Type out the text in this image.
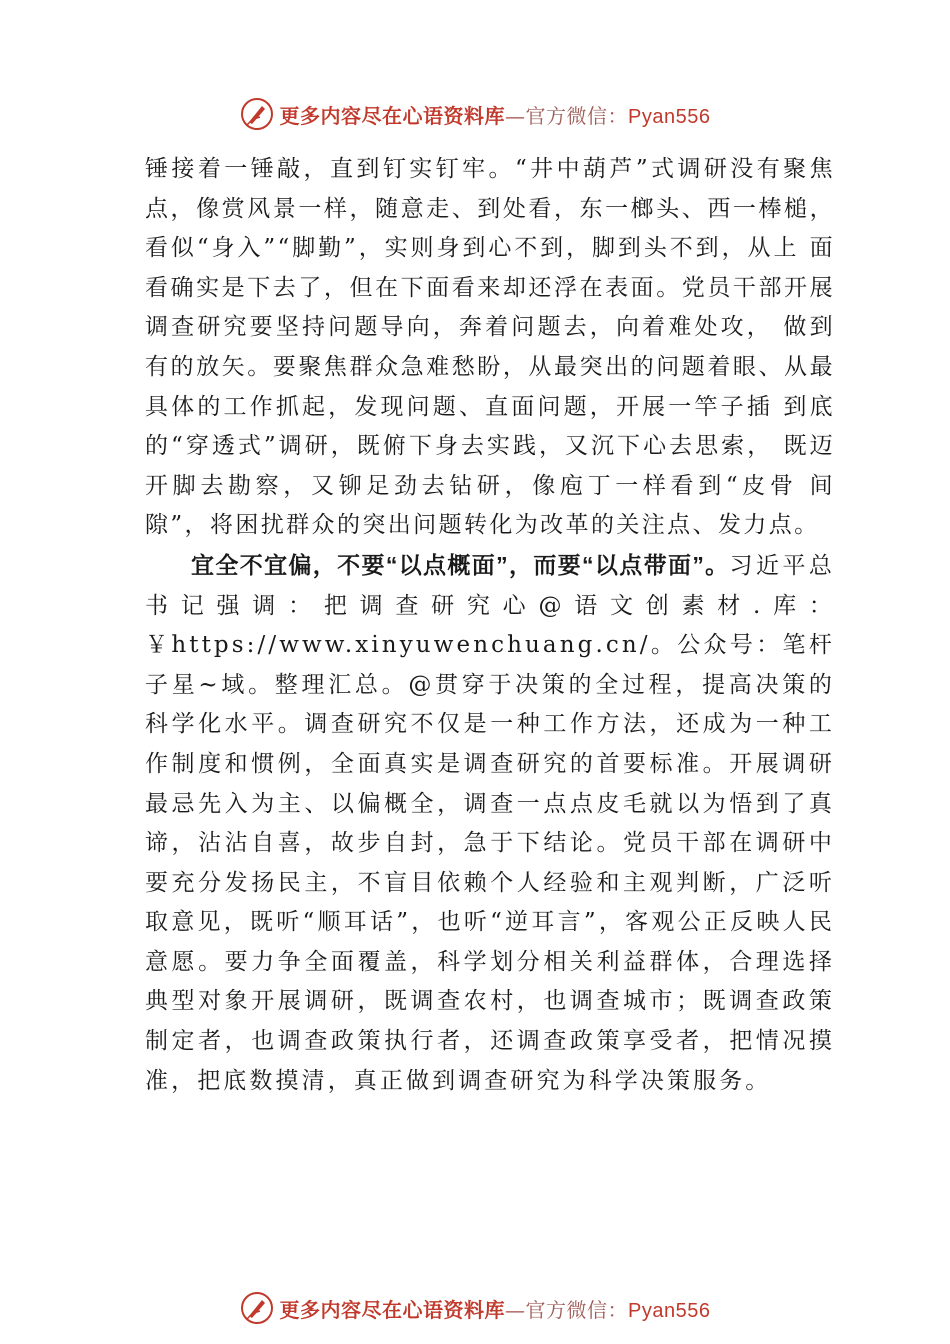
更多内容尽在心语资料库—官方微信：Pyan556

锤接着一锤敲，直到钉实钉牢。“井中葫芦”式调研没有聚焦点，像赏风景一样，随意走、到处看，东一榔头、西一棒槌， 看似“身入”“脚勤”，实则身到心不到，脚到头不到，从上 面看确实是下去了，但在下面看来却还浮在表面。党员干部开展调查研究要坚持问题导向，奔着问题去，向着难处攻， 做到有的放矢。要聚焦群众急难愁盼，从最突出的问题着眼、从最具体的工作抓起，发现问题、直面问题，开展一竿子插 到底的“穿透式”调研，既俯下身去实践，又沉下心去思索， 既迈开脚去勘察，又铆足劲去钻研，像庖丁一样看到“皮骨 间隙”，将困扰群众的突出问题转化为改革的关注点、发力点。

宜全不宜偏，不要“以点概面”，而要“以点带面”。习近平总书记强调：把调查研究心@语文创素材.库：￥https://www.xinyuwenchuang.cn/。公众号：笔杆子星~域。整理汇总。@贯穿于决策的全过程，提高决策的科学化水平。调查研究不仅是一种工作方法，还成为一种工作制度和惯例，全面真实是调查研究的首要标准。开展调研最忌先入为主、以偏概全，调查一点点皮毛就以为悟到了真谛，沾沾自喜，故步自封，急于下结论。党员干部在调研中要充分发扬民主，不盲目依赖个人经验和主观判断，广泛听取意见，既听“顺耳话”，也听“逆耳言”，客观公正反映人民意愿。要力争全面覆盖，科学划分相关利益群体，合理选择典型对象开展调研，既调查农村，也调查城市；既调查政策制定者，也调查政策执行者，还调查政策享受者，把情况摸准，把底数摸清，真正做到调查研究为科学决策服务。

更多内容尽在心语资料库—官方微信：Pyan556
